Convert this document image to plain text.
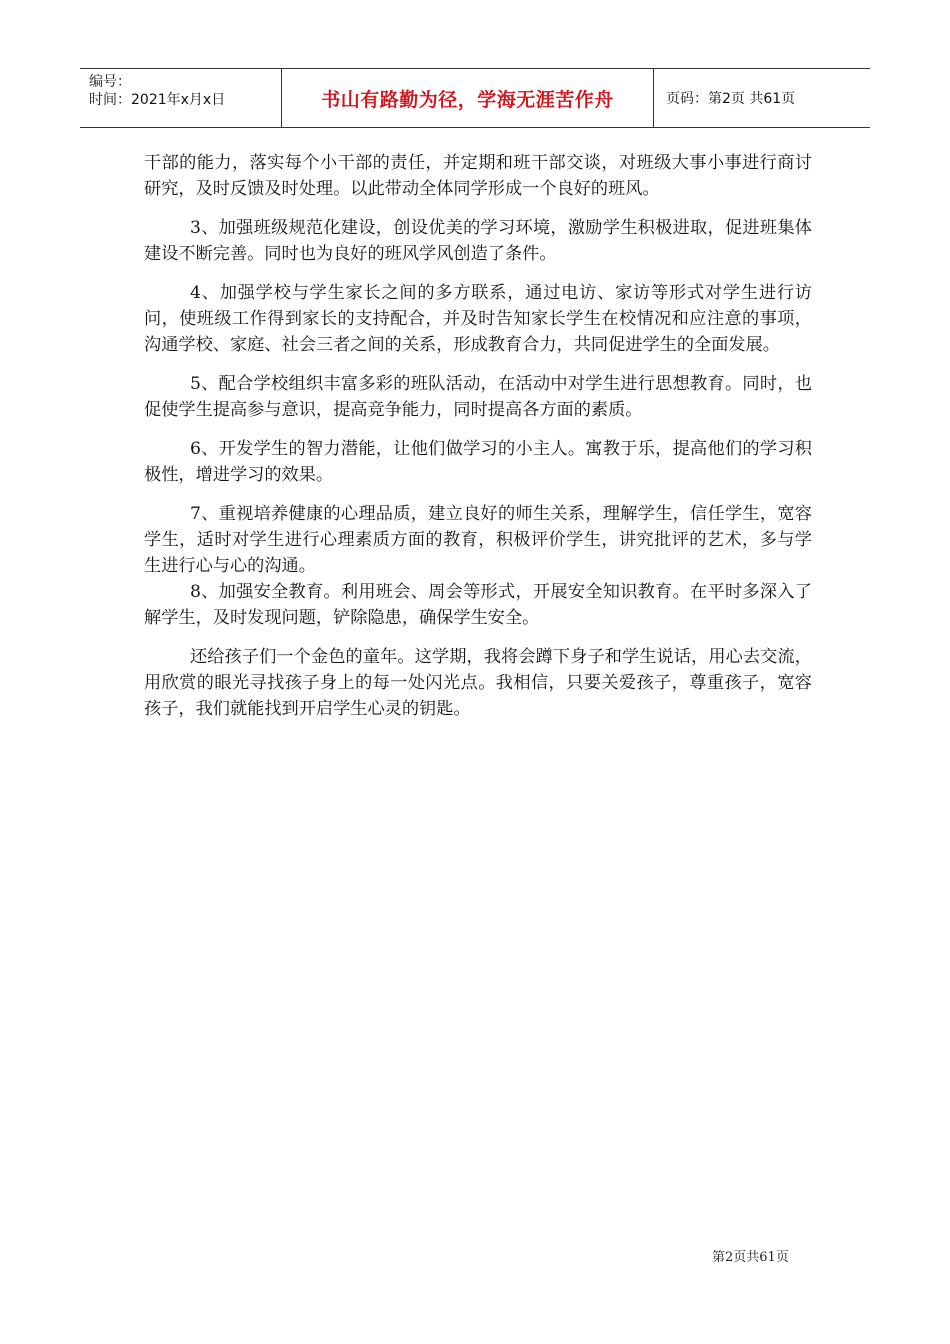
编号：
时间：2021年x月x日	书山有路勤为径，学海无涯苦作舟	页码：第2页 共61页

干部的能力，落实每个小干部的责任，并定期和班干部交谈，对班级大事小事进行商讨研究，及时反馈及时处理。以此带动全体同学形成一个良好的班风。

3、加强班级规范化建设，创设优美的学习环境，激励学生积极进取，促进班集体建设不断完善。同时也为良好的班风学风创造了条件。

4、加强学校与学生家长之间的多方联系，通过电访、家访等形式对学生进行访问，使班级工作得到家长的支持配合，并及时告知家长学生在校情况和应注意的事项，沟通学校、家庭、社会三者之间的关系，形成教育合力，共同促进学生的全面发展。

5、配合学校组织丰富多彩的班队活动，在活动中对学生进行思想教育。同时，也促使学生提高参与意识，提高竞争能力，同时提高各方面的素质。

6、开发学生的智力潜能，让他们做学习的小主人。寓教于乐，提高他们的学习积极性，增进学习的效果。

7、重视培养健康的心理品质，建立良好的师生关系，理解学生，信任学生，宽容学生，适时对学生进行心理素质方面的教育，积极评价学生，讲究批评的艺术，多与学生进行心与心的沟通。

8、加强安全教育。利用班会、周会等形式，开展安全知识教育。在平时多深入了解学生，及时发现问题，铲除隐患，确保学生安全。

还给孩子们一个金色的童年。这学期，我将会蹲下身子和学生说话，用心去交流，用欣赏的眼光寻找孩子身上的每一处闪光点。我相信，只要关爱孩子，尊重孩子，宽容孩子，我们就能找到开启学生心灵的钥匙。

第2页共61页
